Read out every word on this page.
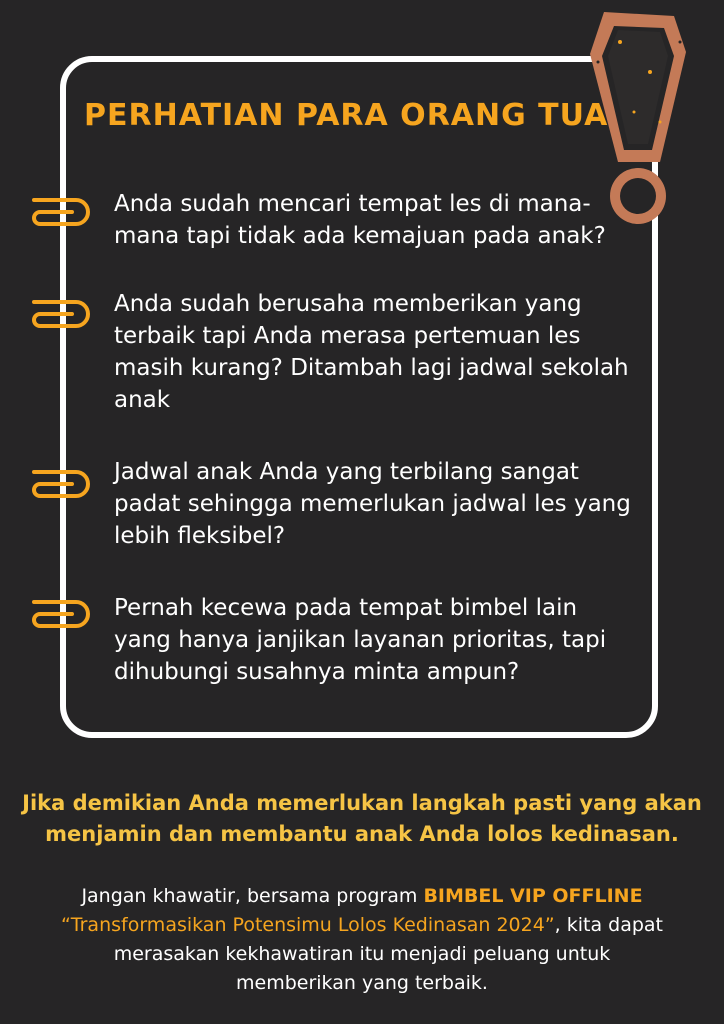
PERHATIAN PARA ORANG TUA
Anda sudah mencari tempat les di mana-
mana tapi tidak ada kemajuan pada anak?
Anda sudah berusaha memberikan yang
terbaik tapi Anda merasa pertemuan les
masih kurang? Ditambah lagi jadwal sekolah
anak
Jadwal anak Anda yang terbilang sangat
padat sehingga memerlukan jadwal les yang
lebih fleksibel?
Pernah kecewa pada tempat bimbel lain
yang hanya janjikan layanan prioritas, tapi
dihubungi susahnya minta ampun?
Jika demikian Anda memerlukan langkah pasti yang akan
menjamin dan membantu anak Anda lolos kedinasan.
Jangan khawatir, bersama program BIMBEL VIP OFFLINE
“Transformasikan Potensimu Lolos Kedinasan 2024”, kita dapat
merasakan kekhawatiran itu menjadi peluang untuk
memberikan yang terbaik.
